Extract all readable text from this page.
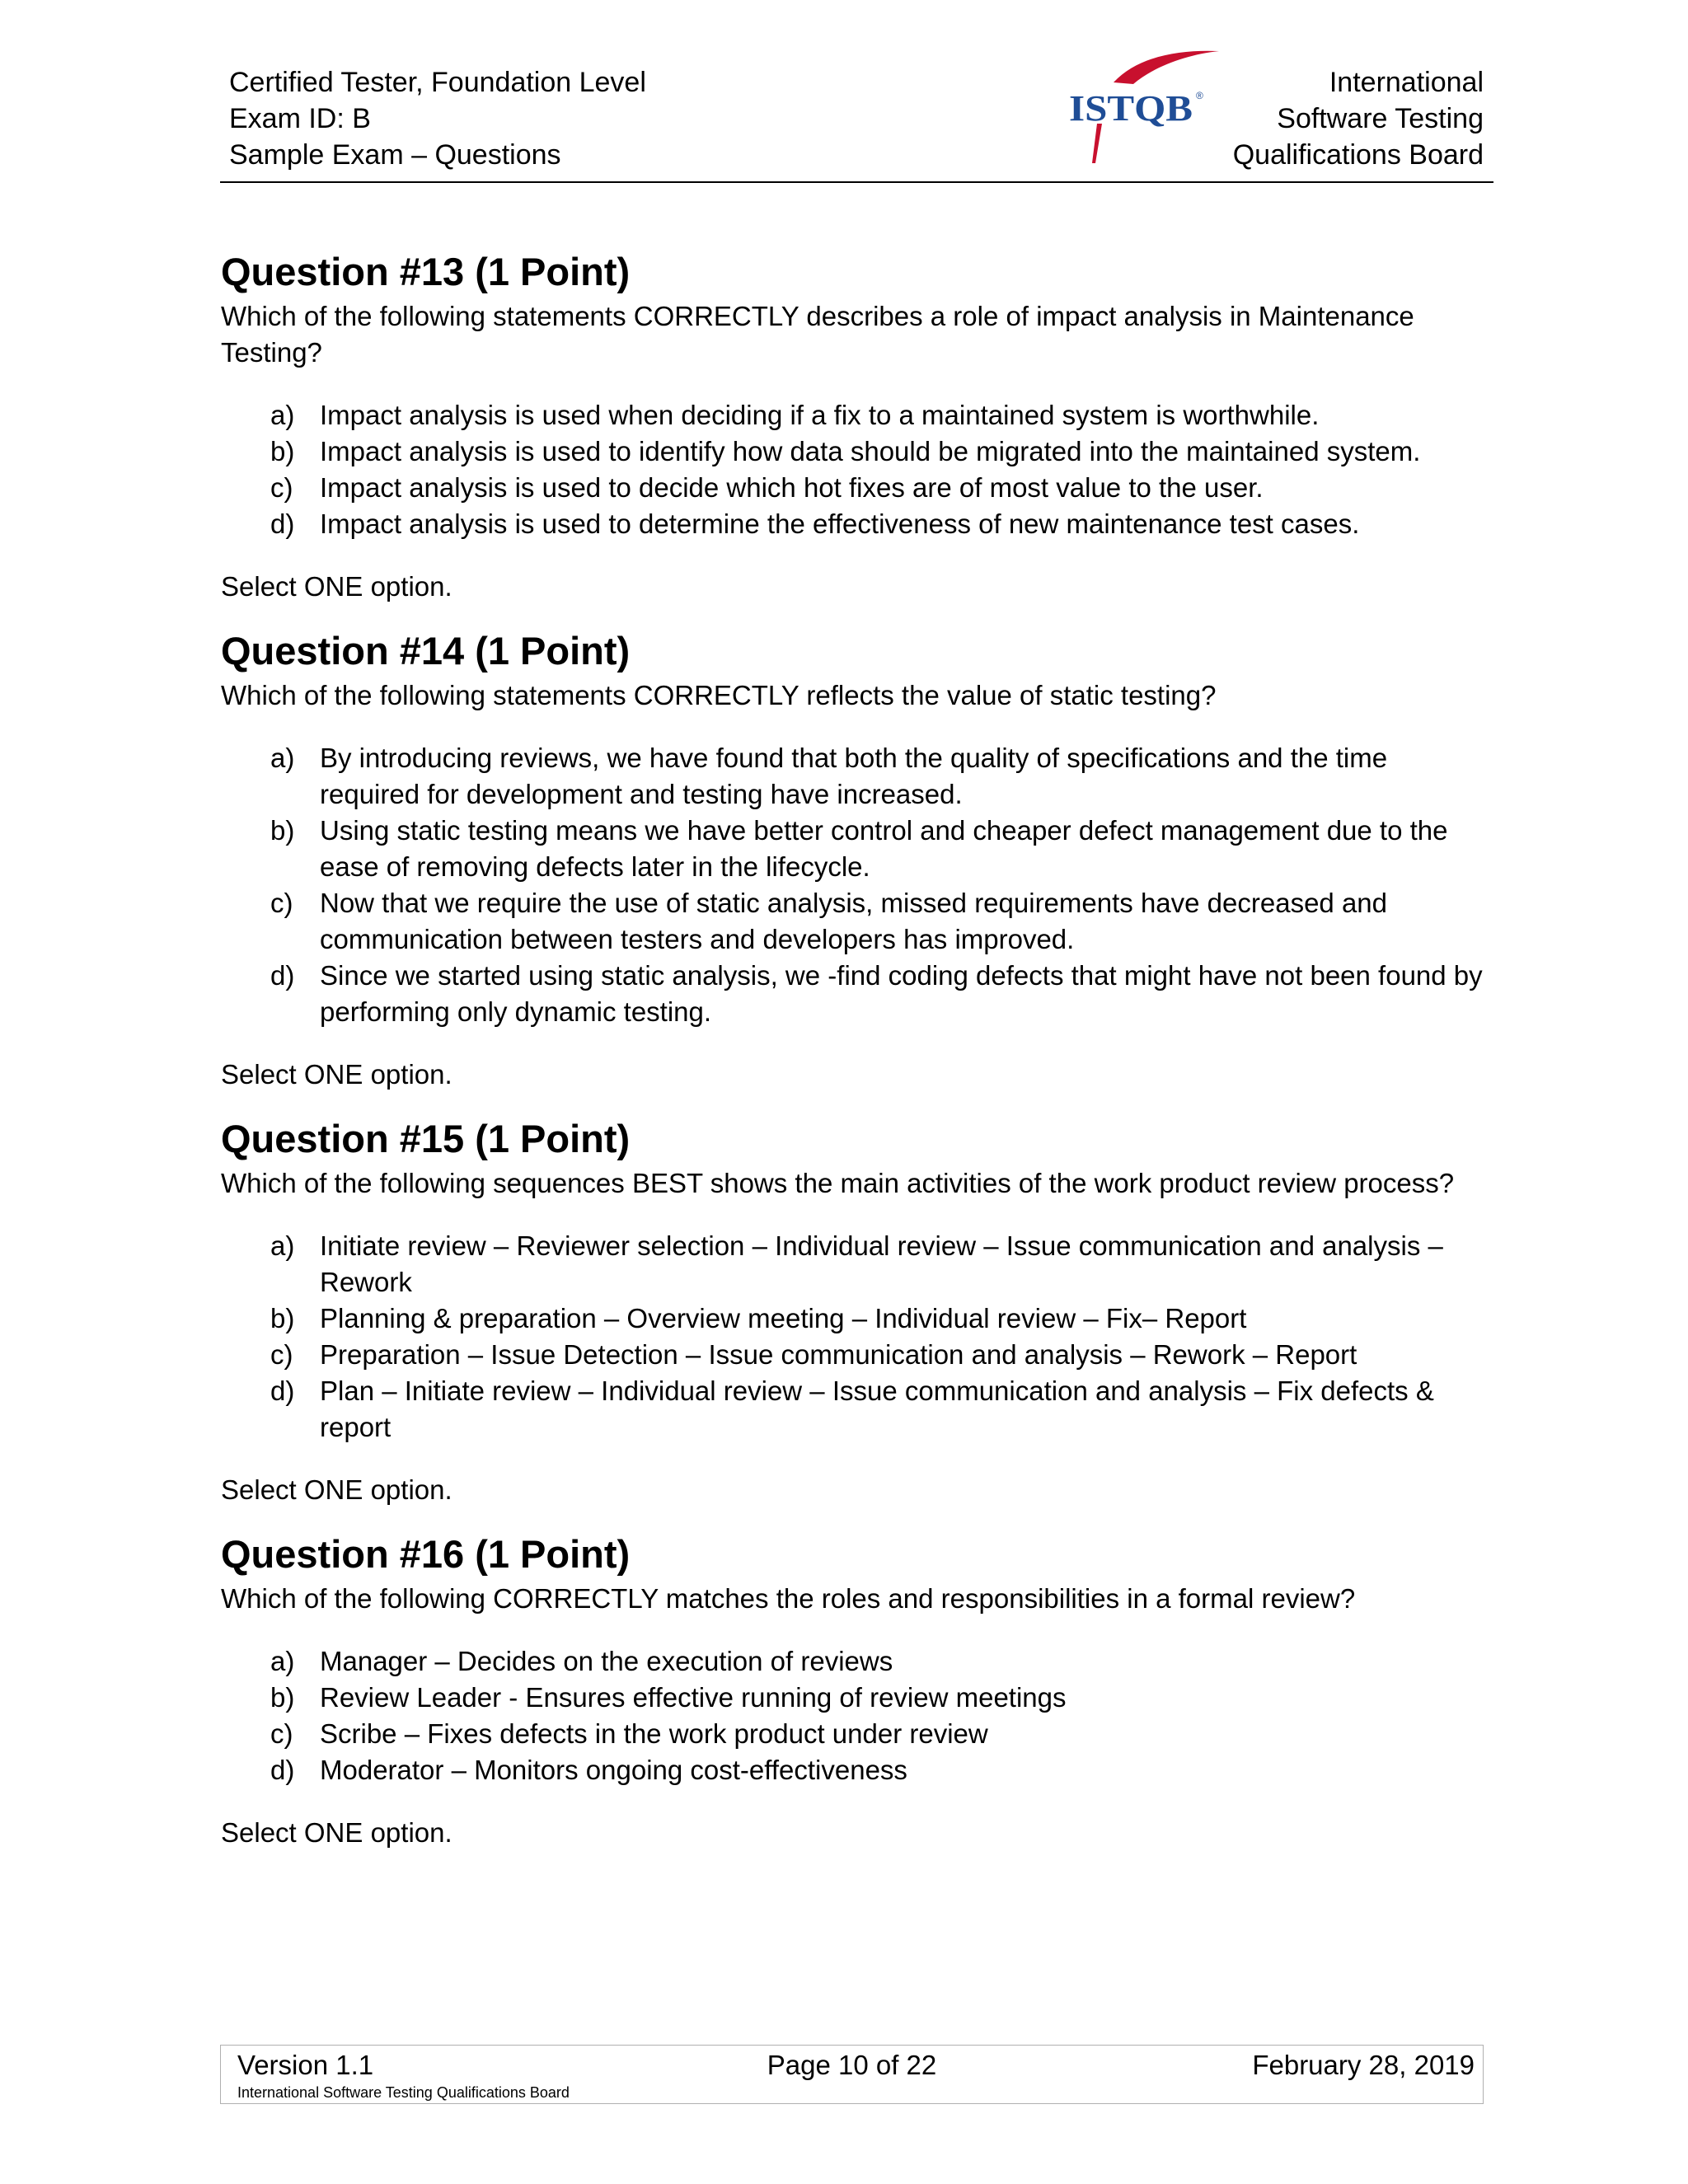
Certified Tester, Foundation Level
Exam ID: B
Sample Exam – Questions
International
Software Testing
Qualifications Board
ISTQB ®
Question #13 (1 Point)

Which of the following statements CORRECTLY describes a role of impact analysis in Maintenance Testing?

a) Impact analysis is used when deciding if a fix to a maintained system is worthwhile.
b) Impact analysis is used to identify how data should be migrated into the maintained system.
c) Impact analysis is used to decide which hot fixes are of most value to the user.
d) Impact analysis is used to determine the effectiveness of new maintenance test cases.

Select ONE option.

Question #14 (1 Point)

Which of the following statements CORRECTLY reflects the value of static testing?

a) By introducing reviews, we have found that both the quality of specifications and the time required for development and testing have increased.
b) Using static testing means we have better control and cheaper defect management due to the ease of removing defects later in the lifecycle.
c) Now that we require the use of static analysis, missed requirements have decreased and communication between testers and developers has improved.
d) Since we started using static analysis, we -find coding defects that might have not been found by performing only dynamic testing.

Select ONE option.

Question #15 (1 Point)

Which of the following sequences BEST shows the main activities of the work product review process?

a) Initiate review – Reviewer selection – Individual review – Issue communication and analysis – Rework
b) Planning & preparation – Overview meeting – Individual review – Fix– Report
c) Preparation – Issue Detection – Issue communication and analysis – Rework – Report
d) Plan – Initiate review – Individual review – Issue communication and analysis – Fix defects & report

Select ONE option.

Question #16 (1 Point)

Which of the following CORRECTLY matches the roles and responsibilities in a formal review?

a) Manager – Decides on the execution of reviews
b) Review Leader - Ensures effective running of review meetings
c) Scribe – Fixes defects in the work product under review
d) Moderator – Monitors ongoing cost-effectiveness

Select ONE option.

Version 1.1
International Software Testing Qualifications Board
Page 10 of 22	February 28, 2019
